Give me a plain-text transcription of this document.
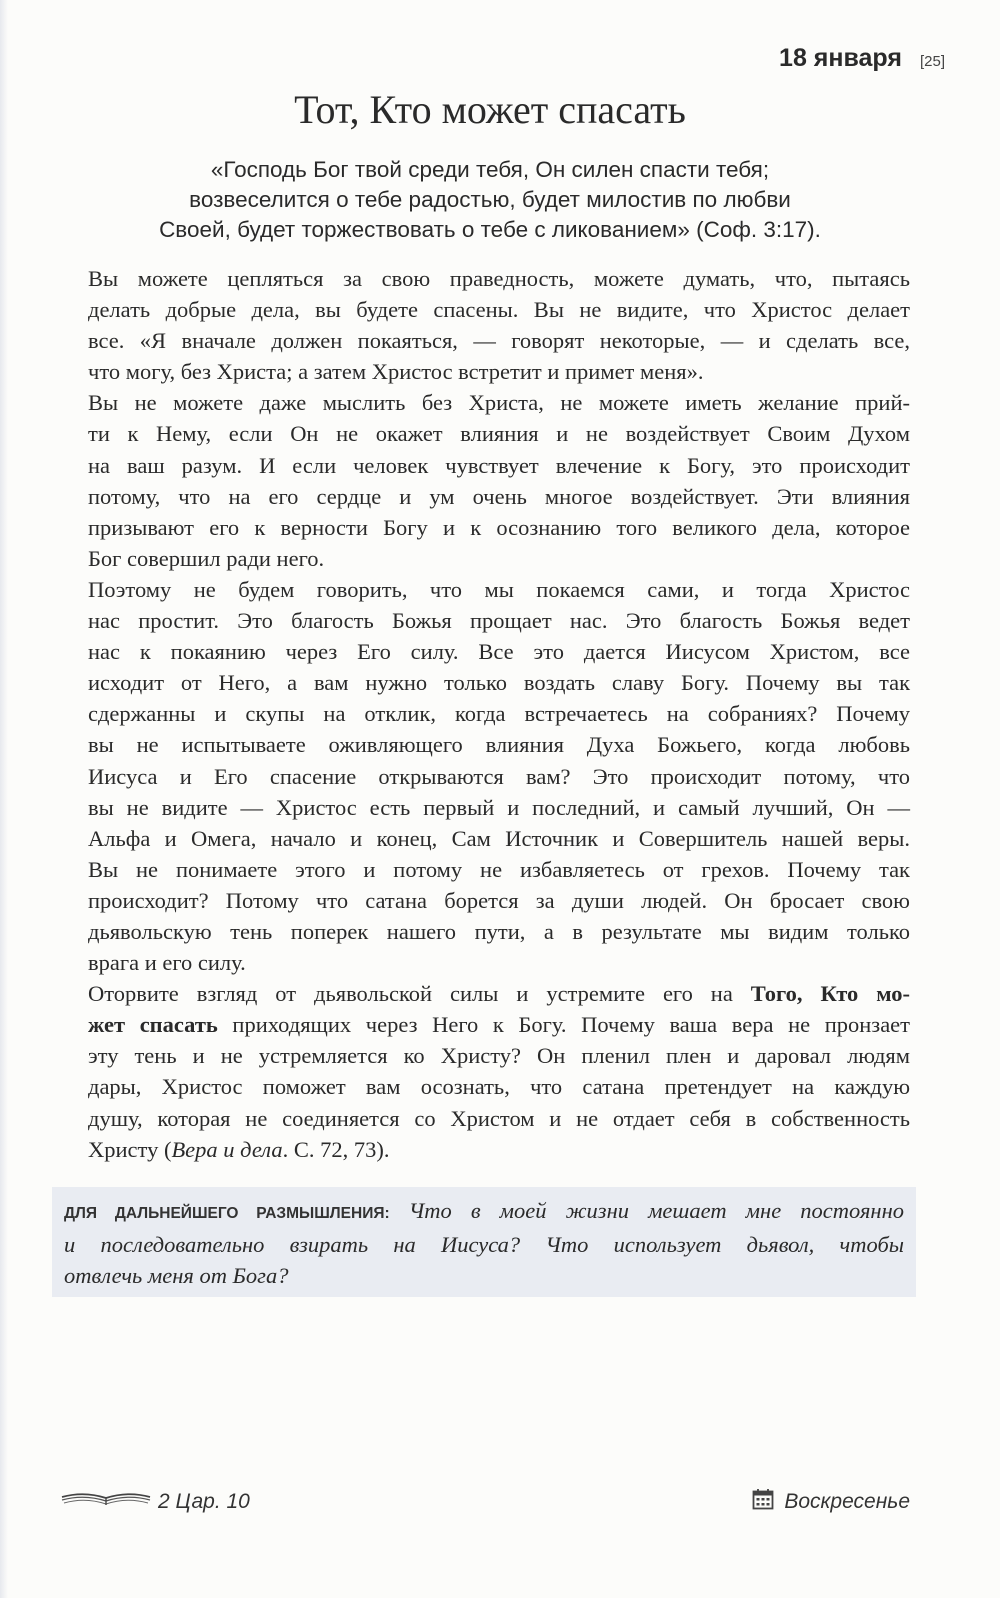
18 января [25]
Тот, Кто может спасать
«Господь Бог твой среди тебя, Он силен спасти тебя;
возвеселится о тебе радостью, будет милостив по любви
Своей, будет торжествовать о тебе с ликованием» (Соф. 3:17).

Вы можете цепляться за свою праведность, можете думать, что, пытаясь
делать добрые дела, вы будете спасены. Вы не видите, что Христос делает
все. «Я вначале должен покаяться, — говорят некоторые, — и сделать все,
что могу, без Христа; а затем Христос встретит и примет меня».

Вы не можете даже мыслить без Христа, не можете иметь желание прий-
ти к Нему, если Он не окажет влияния и не воздействует Своим Духом
на ваш разум. И если человек чувствует влечение к Богу, это происходит
потому, что на его сердце и ум очень многое воздействует. Эти влияния
призывают его к верности Богу и к осознанию того великого дела, которое
Бог совершил ради него.

Поэтому не будем говорить, что мы покаемся сами, и тогда Христос
нас простит. Это благость Божья прощает нас. Это благость Божья ведет
нас к покаянию через Его силу. Все это дается Иисусом Христом, все
исходит от Него, а вам нужно только воздать славу Богу. Почему вы так
сдержанны и скупы на отклик, когда встречаетесь на собраниях? Почему
вы не испытываете оживляющего влияния Духа Божьего, когда любовь
Иисуса и Его спасение открываются вам? Это происходит потому, что
вы не видите — Христос есть первый и последний, и самый лучший, Он —
Альфа и Омега, начало и конец, Сам Источник и Совершитель нашей веры.
Вы не понимаете этого и потому не избавляетесь от грехов. Почему так
происходит? Потому что сатана борется за души людей. Он бросает свою
дьявольскую тень поперек нашего пути, а в результате мы видим только
врага и его силу.

Оторвите взгляд от дьявольской силы и устремите его на Того, Кто мо-
жет спасать приходящих через Него к Богу. Почему ваша вера не пронзает
эту тень и не устремляется ко Христу? Он пленил плен и даровал людям
дары, Христос поможет вам осознать, что сатана претендует на каждую
душу, которая не соединяется со Христом и не отдает себя в собственность
Христу (Вера и дела. С. 72, 73).

ДЛЯ ДАЛЬНЕЙШЕГО РАЗМЫШЛЕНИЯ: Что в моей жизни мешает мне постоянно
и последовательно взирать на Иисуса? Что использует дьявол, чтобы
отвлечь меня от Бога?
2 Цар. 10	Воскресенье
